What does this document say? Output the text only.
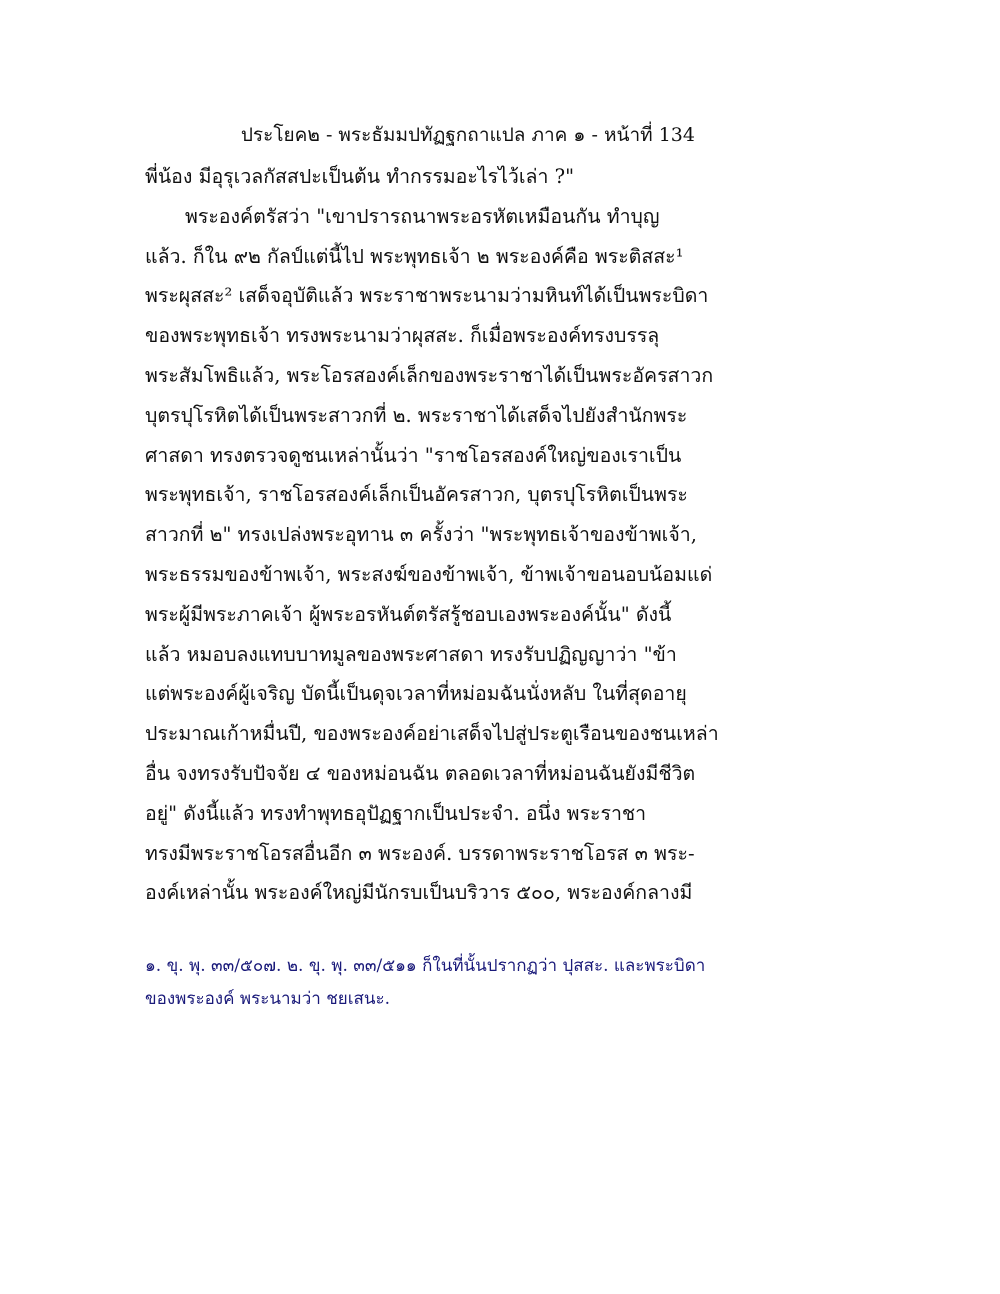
ประโยค๒ - พระธัมมปทัฏฐกถาแปล ภาค ๑ - หน้าที่ 134
พี่น้อง มีอุรุเวลกัสสปะเป็นต้น ทำกรรมอะไรไว้เล่า ?"
พระองค์ตรัสว่า "เขาปรารถนาพระอรหัตเหมือนกัน ทำบุญ
แล้ว. ก็ใน ๙๒ กัลป์แต่นี้ไป พระพุทธเจ้า ๒ พระองค์คือ พระติสสะ¹
พระผุสสะ² เสด็จอุบัติแล้ว พระราชาพระนามว่ามหินท์ได้เป็นพระบิดา
ของพระพุทธเจ้า ทรงพระนามว่าผุสสะ. ก็เมื่อพระองค์ทรงบรรลุ
พระสัมโพธิแล้ว, พระโอรสองค์เล็กของพระราชาได้เป็นพระอัครสาวก
บุตรปุโรหิตได้เป็นพระสาวกที่ ๒. พระราชาได้เสด็จไปยังสำนักพระ
ศาสดา ทรงตรวจดูชนเหล่านั้นว่า "ราชโอรสองค์ใหญ่ของเราเป็น
พระพุทธเจ้า, ราชโอรสองค์เล็กเป็นอัครสาวก, บุตรปุโรหิตเป็นพระ
สาวกที่ ๒" ทรงเปล่งพระอุทาน ๓ ครั้งว่า "พระพุทธเจ้าของข้าพเจ้า,
พระธรรมของข้าพเจ้า, พระสงฆ์ของข้าพเจ้า, ข้าพเจ้าขอนอบน้อมแด่
พระผู้มีพระภาคเจ้า ผู้พระอรหันต์ตรัสรู้ชอบเองพระองค์นั้น" ดังนี้
แล้ว หมอบลงแทบบาทมูลของพระศาสดา ทรงรับปฏิญญาว่า "ข้า
แต่พระองค์ผู้เจริญ บัดนี้เป็นดุจเวลาที่หม่อมฉันนั่งหลับ ในที่สุดอายุ
ประมาณเก้าหมื่นปี, ของพระองค์อย่าเสด็จไปสู่ประตูเรือนของชนเหล่า
อื่น จงทรงรับปัจจัย ๔ ของหม่อนฉัน ตลอดเวลาที่หม่อนฉันยังมีชีวิต
อยู่" ดังนี้แล้ว ทรงทำพุทธอุปัฏฐากเป็นประจำ. อนึ่ง พระราชา
ทรงมีพระราชโอรสอื่นอีก ๓ พระองค์. บรรดาพระราชโอรส ๓ พระ-
องค์เหล่านั้น พระองค์ใหญ่มีนักรบเป็นบริวาร ๕๐๐, พระองค์กลางมี
๑. ขุ. พุ. ๓๓/๕๐๗. ๒. ขุ. พุ. ๓๓/๕๑๑ ก็ในที่นั้นปรากฏว่า ปุสสะ. และพระบิดา
ของพระองค์ พระนามว่า ชยเสนะ.
